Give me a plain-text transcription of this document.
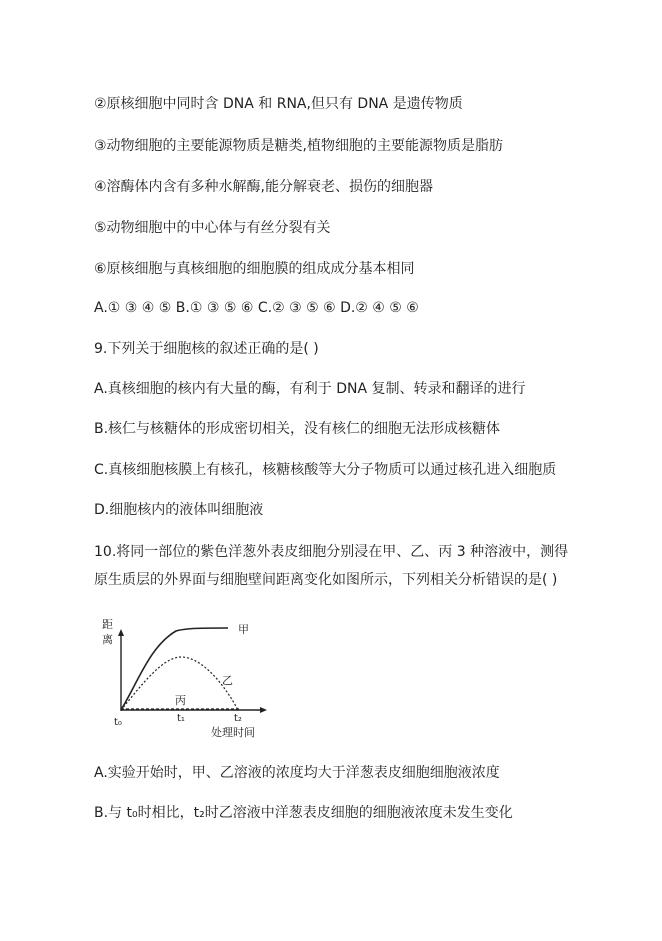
②原核细胞中同时含 DNA 和 RNA,但只有 DNA 是遗传物质
③动物细胞的主要能源物质是糖类,植物细胞的主要能源物质是脂肪
④溶酶体内含有多种水解酶,能分解衰老、损伤的细胞器
⑤动物细胞中的中心体与有丝分裂有关
⑥原核细胞与真核细胞的细胞膜的组成成分基本相同
A.① ③ ④ ⑤ B.① ③ ⑤ ⑥ C.② ③ ⑤ ⑥ D.② ④ ⑤ ⑥
9.下列关于细胞核的叙述正确的是( )
A.真核细胞的核内有大量的酶，有利于 DNA 复制、转录和翻译的进行
B.核仁与核糖体的形成密切相关，没有核仁的细胞无法形成核糖体
C.真核细胞核膜上有核孔，核糖核酸等大分子物质可以通过核孔进入细胞质
D.细胞核内的液体叫细胞液
10.将同一部位的紫色洋葱外表皮细胞分别浸在甲、乙、丙 3 种溶液中，测得
原生质层的外界面与细胞壁间距离变化如图所示，下列相关分析错误的是( )
距
离
甲
乙
丙
t₀	t₁	t₂
处理时间
A.实验开始时，甲、乙溶液的浓度均大于洋葱表皮细胞细胞液浓度
B.与 t₀时相比，t₂时乙溶液中洋葱表皮细胞的细胞液浓度未发生变化
